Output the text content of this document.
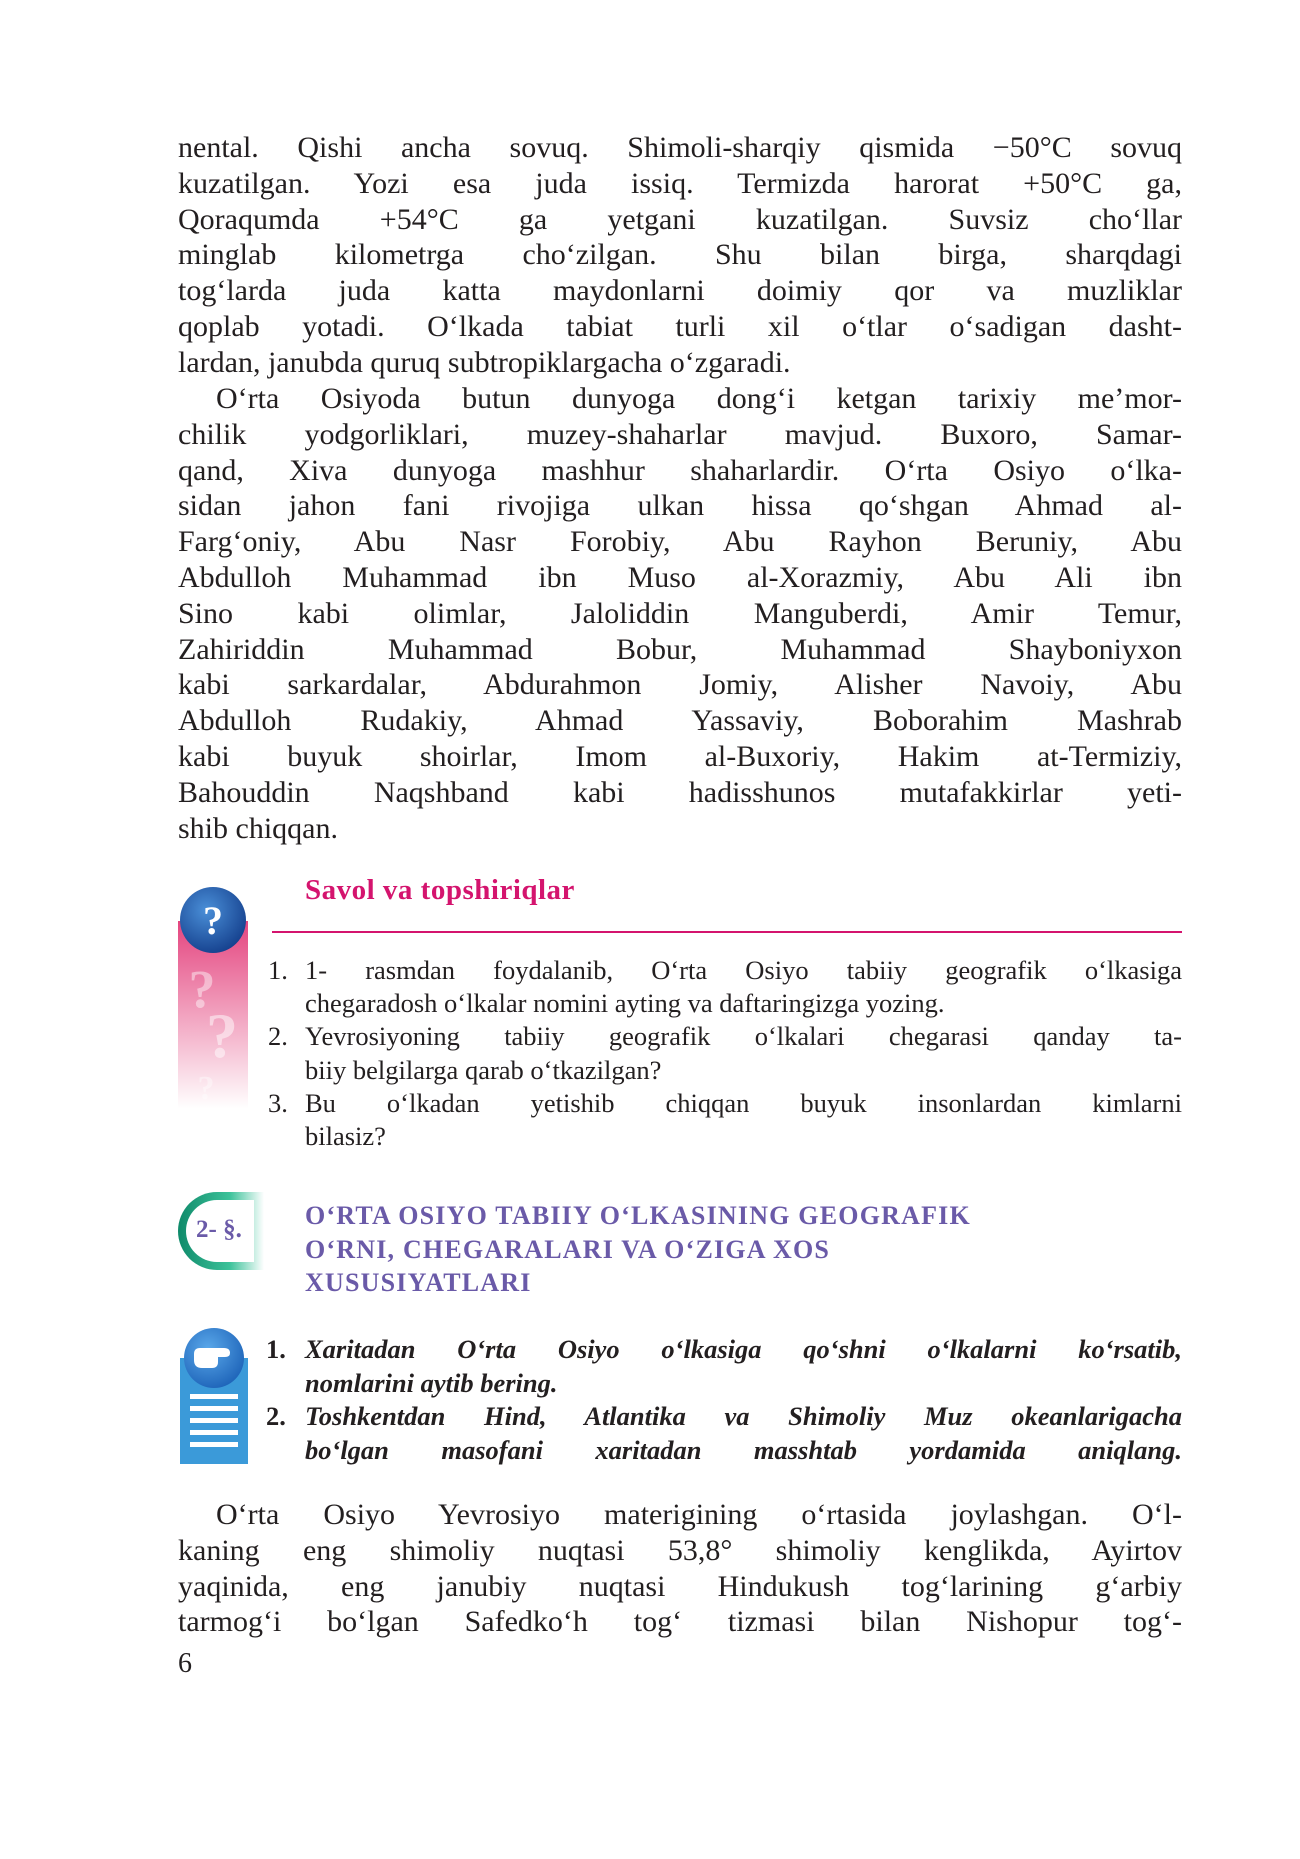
nental. Qishi ancha sovuq. Shimoli-sharqiy qismida −50°C sovuq

kuzatilgan. Yozi esa juda issiq. Termizda harorat +50°C ga,

Qoraqumda +54°C ga yetgani kuzatilgan. Suvsiz cho‘llar

minglab kilometrga cho‘zilgan. Shu bilan birga, sharqdagi

tog‘larda juda katta maydonlarni doimiy qor va muzliklar

qoplab yotadi. O‘lkada tabiat turli xil o‘tlar o‘sadigan dasht-

lardan, janubda quruq subtropiklargacha o‘zgaradi.

O‘rta Osiyoda butun dunyoga dong‘i ketgan tarixiy me’mor-

chilik yodgorliklari, muzey-shaharlar mavjud. Buxoro, Samar-

qand, Xiva dunyoga mashhur shaharlardir. O‘rta Osiyo o‘lka-

sidan jahon fani rivojiga ulkan hissa qo‘shgan Ahmad al-

Farg‘oniy, Abu Nasr Forobiy, Abu Rayhon Beruniy, Abu

Abdulloh Muhammad ibn Muso al-Xorazmiy, Abu Ali ibn

Sino kabi olimlar, Jaloliddin Manguberdi, Amir Temur,

Zahiriddin Muhammad Bobur, Muhammad Shayboniyxon

kabi sarkardalar, Abdurahmon Jomiy, Alisher Navoiy, Abu

Abdulloh Rudakiy, Ahmad Yassaviy, Boborahim Mashrab

kabi buyuk shoirlar, Imom al-Buxoriy, Hakim at-Termiziy,

Bahouddin Naqshband kabi hadisshunos mutafakkirlar yeti-

shib chiqqan.

?
?
?
?
Savol va topshiriqlar
1. 1- rasmdan foydalanib, O‘rta Osiyo tabiiy geografik o‘lkasiga
chegaradosh o‘lkalar nomini ayting va daftaringizga yozing.
2. Yevrosiyoning tabiiy geografik o‘lkalari chegarasi qanday ta-
biiy belgilarga qarab o‘tkazilgan?
3. Bu o‘lkadan yetishib chiqqan buyuk insonlardan kimlarni
bilasiz?
2- §. O‘RTA OSIYO TABIIY O‘LKASINING GEOGRAFIK
O‘RNI, CHEGARALARI VA O‘ZIGA XOS
XUSUSIYATLARI
1. Xaritadan O‘rta Osiyo o‘lkasiga qo‘shni o‘lkalarni ko‘rsatib,
nomlarini aytib bering.
2. Toshkentdan Hind, Atlantika va Shimoliy Muz okeanlarigacha
bo‘lgan masofani xaritadan masshtab yordamida aniqlang.

O‘rta Osiyo Yevrosiyo materigining o‘rtasida joylashgan. O‘l-

kaning eng shimoliy nuqtasi 53,8° shimoliy kenglikda, Ayirtov

yaqinida, eng janubiy nuqtasi Hindukush tog‘larining g‘arbiy

tarmog‘i bo‘lgan Safedko‘h tog‘ tizmasi bilan Nishopur tog‘-

6
